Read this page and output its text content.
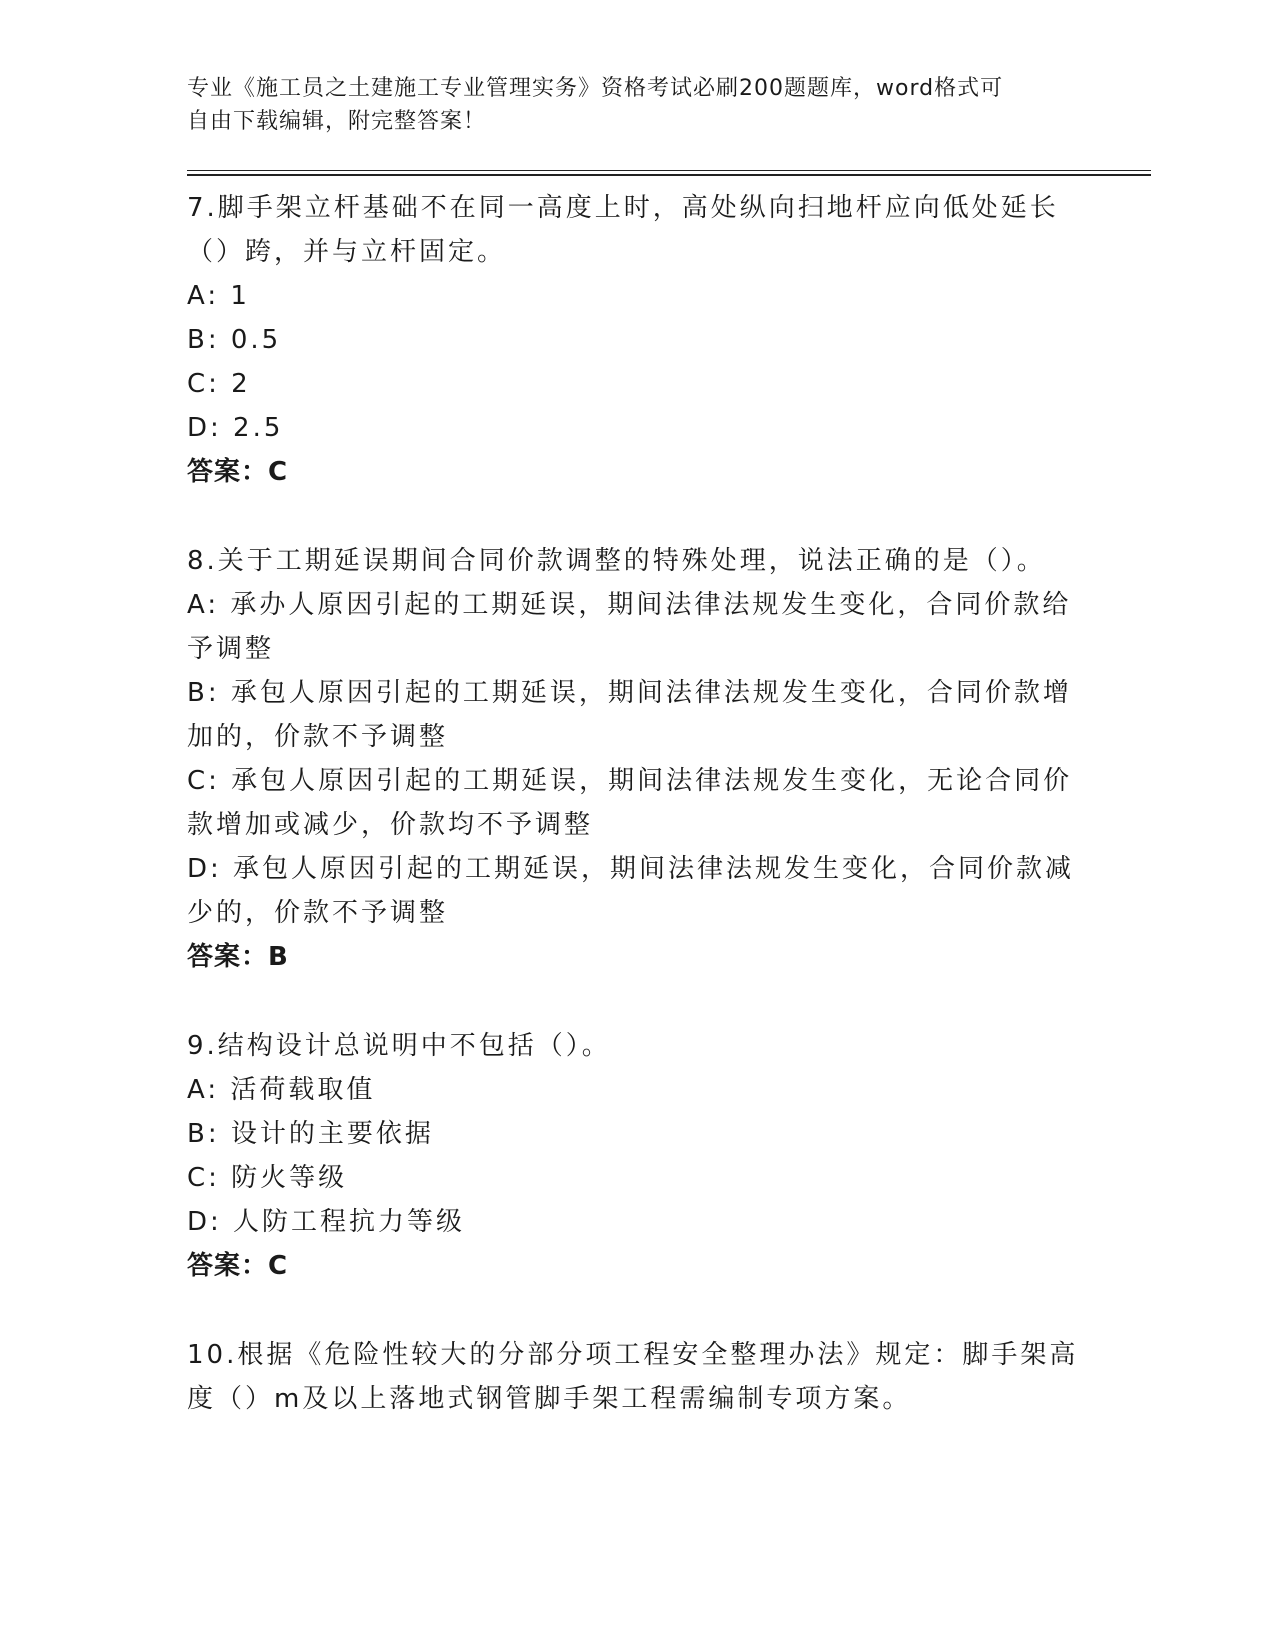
专业《施工员之土建施工专业管理实务》资格考试必刷200题题库，word格式可
自由下载编辑，附完整答案！

7.脚手架立杆基础不在同一高度上时，高处纵向扫地杆应向低处延长（）跨，并与立杆固定。

A: 1

B: 0.5

C: 2

D: 2.5

答案：C

8.关于工期延误期间合同价款调整的特殊处理，说法正确的是（）。

A: 承办人原因引起的工期延误，期间法律法规发生变化，合同价款给予调整

B: 承包人原因引起的工期延误，期间法律法规发生变化，合同价款增加的，价款不予调整

C: 承包人原因引起的工期延误，期间法律法规发生变化，无论合同价款增加或减少，价款均不予调整

D: 承包人原因引起的工期延误，期间法律法规发生变化，合同价款减少的，价款不予调整

答案：B

9.结构设计总说明中不包括（）。

A: 活荷载取值

B: 设计的主要依据

C: 防火等级

D: 人防工程抗力等级

答案：C

10.根据《危险性较大的分部分项工程安全整理办法》规定：脚手架高度（）m及以上落地式钢管脚手架工程需编制专项方案。
